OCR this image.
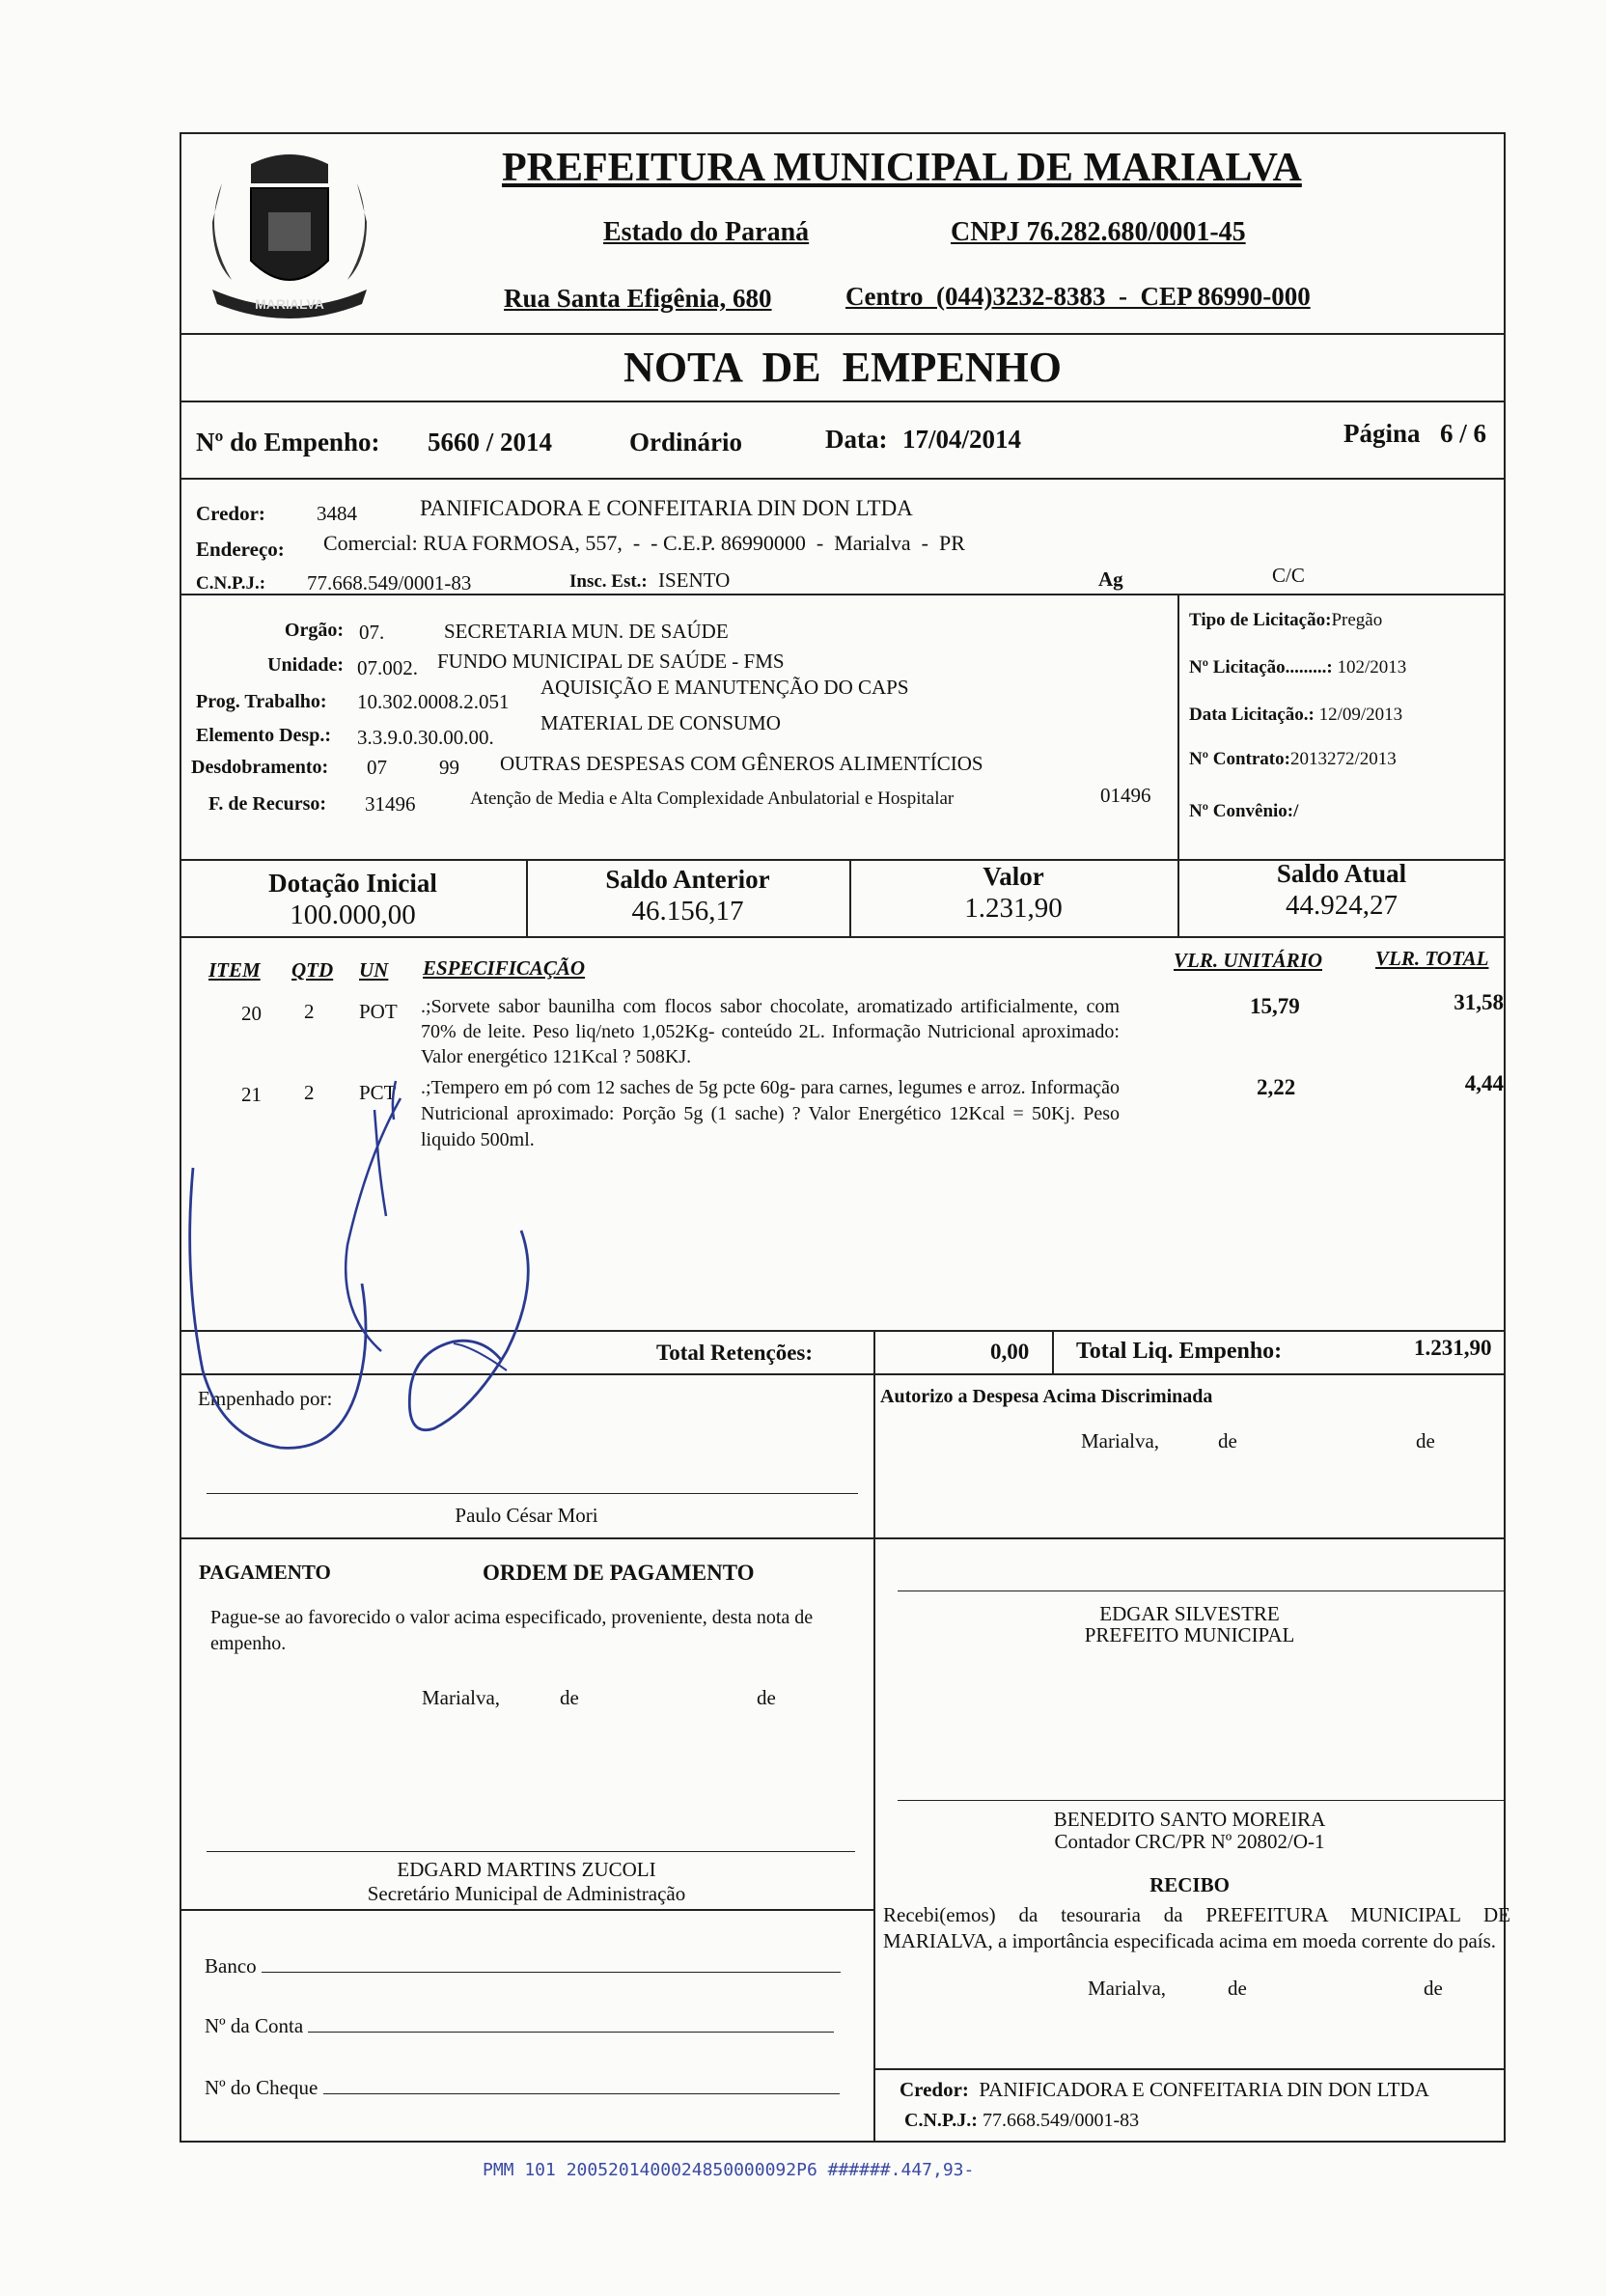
MARIALVA
PREFEITURA MUNICIPAL DE MARIALVA
Estado do Paraná	CNPJ 76.282.680/0001-45
Rua Santa Efigênia, 680	Centro  (044)3232-8383  -  CEP 86990-000
NOTA  DE  EMPENHO
Nº do Empenho: 5660 / 2014	Ordinário	Data: 17/04/2014	Página 6 / 6
Credor:	3484	PANIFICADORA E CONFEITARIA DIN DON LTDA
Endereço: Comercial: RUA FORMOSA, 557,  -  - C.E.P. 86990000  -  Marialva  -  PR
C.N.P.J.: 77.668.549/0001-83	Insc. Est.: ISENTO	Ag	C/C
Orgão: 07.	SECRETARIA MUN. DE SAÚDE
Unidade: 07.002. FUNDO MUNICIPAL DE SAÚDE - FMS
Prog. Trabalho: 10.302.0008.2.051
AQUISIÇÃO E MANUTENÇÃO DO CAPS
Elemento Desp.: 3.3.9.0.30.00.00.
MATERIAL DE CONSUMO
Desdobramento: 07	99 OUTRAS DESPESAS COM GÊNEROS ALIMENTÍCIOS
F. de Recurso: 31496	Atenção de Media e Alta Complexidade Anbulatorial e Hospitalar	01496
Tipo de Licitação:Pregão
Nº Licitação.........: 102/2013
Data Licitação.: 12/09/2013
Nº Contrato:2013272/2013
Nº Convênio:/
Dotação Inicial
100.000,00
Saldo Anterior
46.156,17
Valor
1.231,90
Saldo Atual
44.924,27
ITEM QTD UN ESPECIFICAÇÃO	VLR. UNITÁRIO	VLR. TOTAL
20 2 POT .;Sorvete sabor baunilha com flocos sabor chocolate, aromatizado artificialmente, com 70% de leite. Peso liq/neto 1,052Kg- conteúdo 2L. Informação Nutricional aproximado: Valor energético 121Kcal ? 508KJ.
15,79	31,58
21 2 PCT .;Tempero em pó com 12 saches de 5g pcte 60g- para carnes, legumes e arroz. Informação Nutricional aproximado: Porção 5g (1 sache) ? Valor Energético 12Kcal = 50Kj. Peso liquido 500ml.
2,22	4,44
Total Retenções:	0,00 Total Liq. Empenho:	1.231,90
Empenhado por:	Autorizo a Despesa Acima Discriminada
Marialva,	de	de
Paulo César Mori
PAGAMENTO	ORDEM DE PAGAMENTO
Pague-se ao favorecido o valor acima especificado, proveniente, desta nota de empenho.
Marialva,	de	de
EDGARD MARTINS ZUCOLI
Secretário Municipal de Administração
Banco
Nº da Conta
Nº do Cheque
EDGAR SILVESTRE
PREFEITO MUNICIPAL
BENEDITO SANTO MOREIRA
Contador CRC/PR Nº 20802/O-1
RECIBO
Recebi(emos) da tesouraria da PREFEITURA MUNICIPAL DE MARIALVA, a importância especificada acima em moeda corrente do país.
Marialva,	de	de
Credor: PANIFICADORA E CONFEITARIA DIN DON LTDA
C.N.P.J.: 77.668.549/0001-83
PMM 101 2005201400024850000092P6 ######.447,93-
